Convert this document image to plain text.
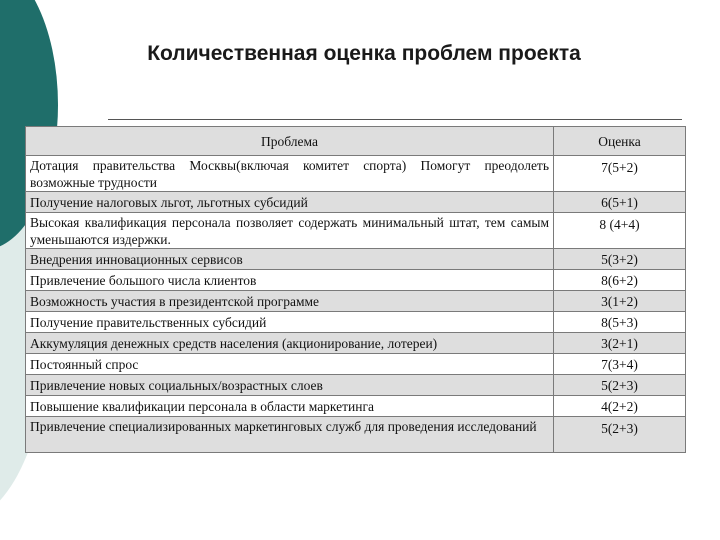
Количественная оценка проблем проекта
Проблема	Оценка
Дотация правительства Москвы(включая комитет спорта) Помогут преодолеть возможные трудности	7(5+2)
Получение налоговых льгот, льготных субсидий	6(5+1)
Высокая квалификация персонала позволяет содержать минимальный штат, тем самым уменьшаются издержки.	8 (4+4)
Внедрения инновационных сервисов	5(3+2)
Привлечение большого числа клиентов	8(6+2)
Возможность участия в президентской программе	3(1+2)
Получение правительственных субсидий	8(5+3)
Аккумуляция денежных средств населения (акционирование, лотереи)	3(2+1)
Постоянный спрос	7(3+4)
Привлечение новых социальных/возрастных слоев	5(2+3)
Повышение квалификации персонала в области маркетинга	4(2+2)
Привлечение специализированных маркетинговых служб для проведения исследований	5(2+3)
